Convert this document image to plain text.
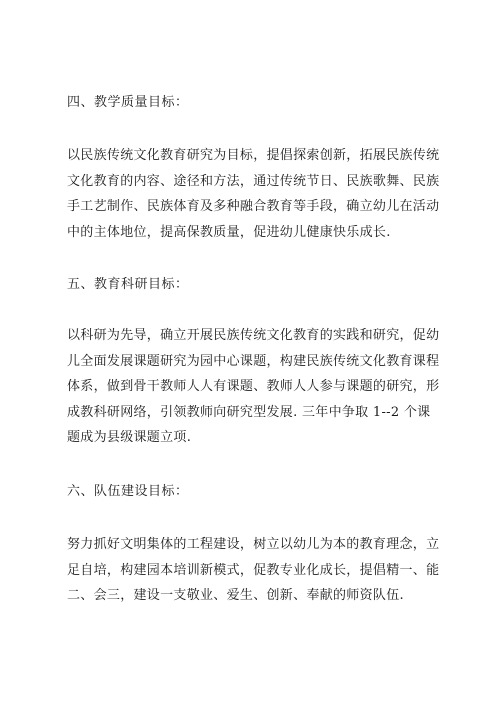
四、教学质量目标：
以民族传统文化教育研究为目标，提倡探索创新，拓展民族传统
文化教育的内容、途径和方法，通过传统节日、民族歌舞、民族
手工艺制作、民族体育及多种融合教育等手段，确立幼儿在活动
中的主体地位，提高保教质量，促进幼儿健康快乐成长.
五、教育科研目标：
以科研为先导，确立开展民族传统文化教育的实践和研究，促幼
儿全面发展课题研究为园中心课题，构建民族传统文化教育课程
体系，做到骨干教师人人有课题、教师人人参与课题的研究，形
成教科研网络，引领教师向研究型发展. 三年中争取 1--2 个课
题成为县级课题立项.
六、队伍建设目标：
努力抓好文明集体的工程建设，树立以幼儿为本的教育理念，立
足自培，构建园本培训新模式，促教专业化成长，提倡精一、能
二、会三，建设一支敬业、爱生、创新、奉献的师资队伍.
